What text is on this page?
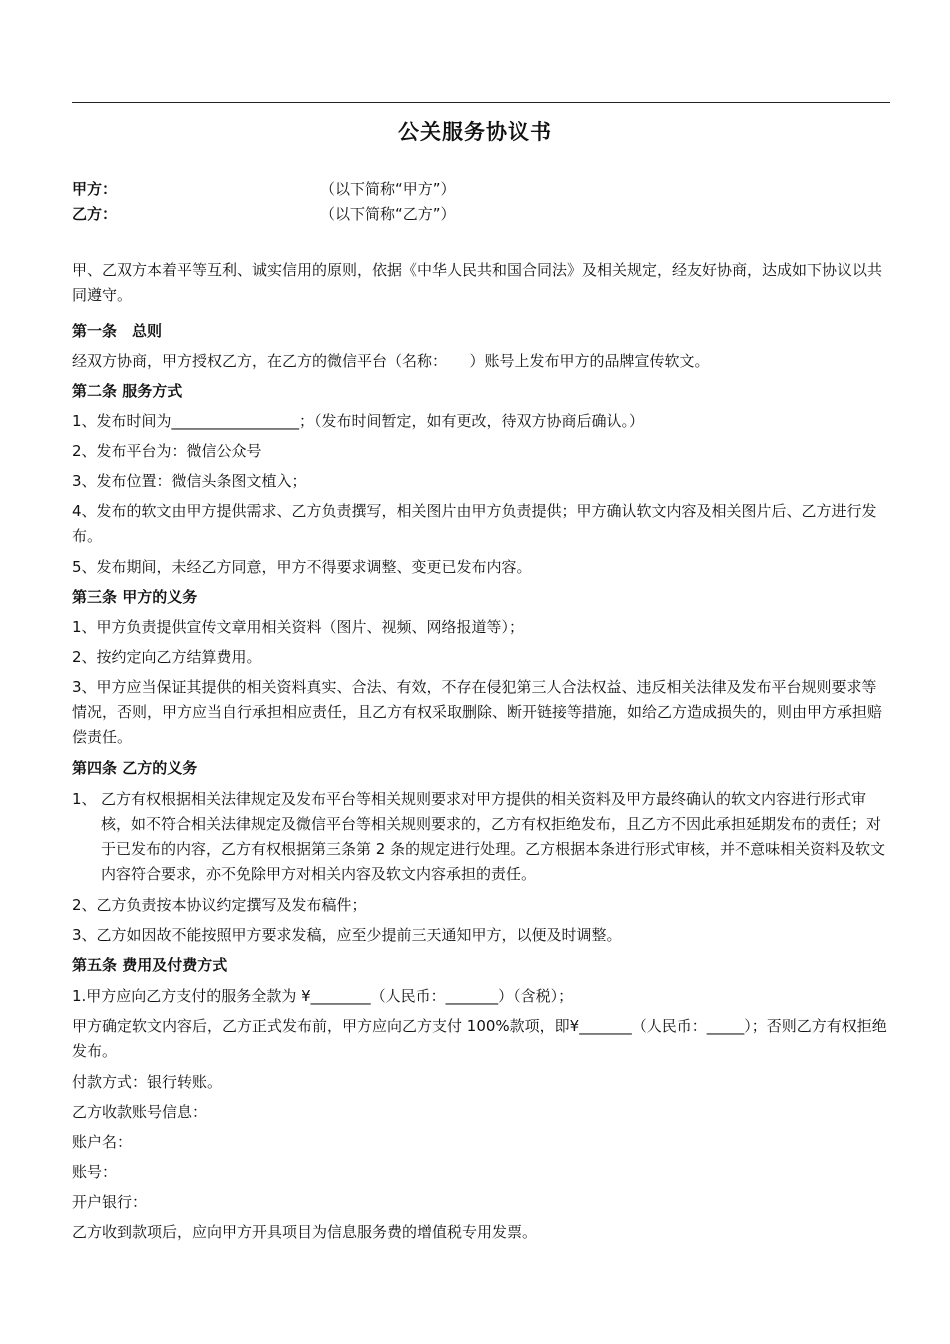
公关服务协议书
甲方：	（以下简称“甲方”）
乙方：	（以下简称“乙方”）
甲、乙双方本着平等互利、诚实信用的原则，依据《中华人民共和国合同法》及相关规定，经友好协商，达成如下协议以共同遵守。
第一条　总则
经双方协商，甲方授权乙方，在乙方的微信平台（名称：　　）账号上发布甲方的品牌宣传软文。
第二条 服务方式
1、发布时间为_________________；（发布时间暂定，如有更改，待双方协商后确认。）
2、发布平台为：微信公众号
3、发布位置：微信头条图文植入；
4、发布的软文由甲方提供需求、乙方负责撰写，相关图片由甲方负责提供；甲方确认软文内容及相关图片后、乙方进行发布。
5、发布期间，未经乙方同意，甲方不得要求调整、变更已发布内容。
第三条 甲方的义务
1、甲方负责提供宣传文章用相关资料（图片、视频、网络报道等）；
2、按约定向乙方结算费用。
3、甲方应当保证其提供的相关资料真实、合法、有效，不存在侵犯第三人合法权益、违反相关法律及发布平台规则要求等情况，否则，甲方应当自行承担相应责任，且乙方有权采取删除、断开链接等措施，如给乙方造成损失的，则由甲方承担赔偿责任。
第四条 乙方的义务
1、 乙方有权根据相关法律规定及发布平台等相关规则要求对甲方提供的相关资料及甲方最终确认的软文内容进行形式审核，如不符合相关法律规定及微信平台等相关规则要求的，乙方有权拒绝发布，且乙方不因此承担延期发布的责任；对于已发布的内容，乙方有权根据第三条第 2 条的规定进行处理。乙方根据本条进行形式审核，并不意味相关资料及软文内容符合要求，亦不免除甲方对相关内容及软文内容承担的责任。
2、乙方负责按本协议约定撰写及发布稿件；
3、乙方如因故不能按照甲方要求发稿，应至少提前三天通知甲方，以便及时调整。
第五条 费用及付费方式
1.甲方应向乙方支付的服务全款为 ¥________（人民币：_______）（含税）；
甲方确定软文内容后，乙方正式发布前，甲方应向乙方支付 100%款项，即¥_______（人民币：_____）；否则乙方有权拒绝发布。
付款方式：银行转账。
乙方收款账号信息：
账户名：
账号：
开户银行：
乙方收到款项后，应向甲方开具项目为信息服务费的增值税专用发票。
